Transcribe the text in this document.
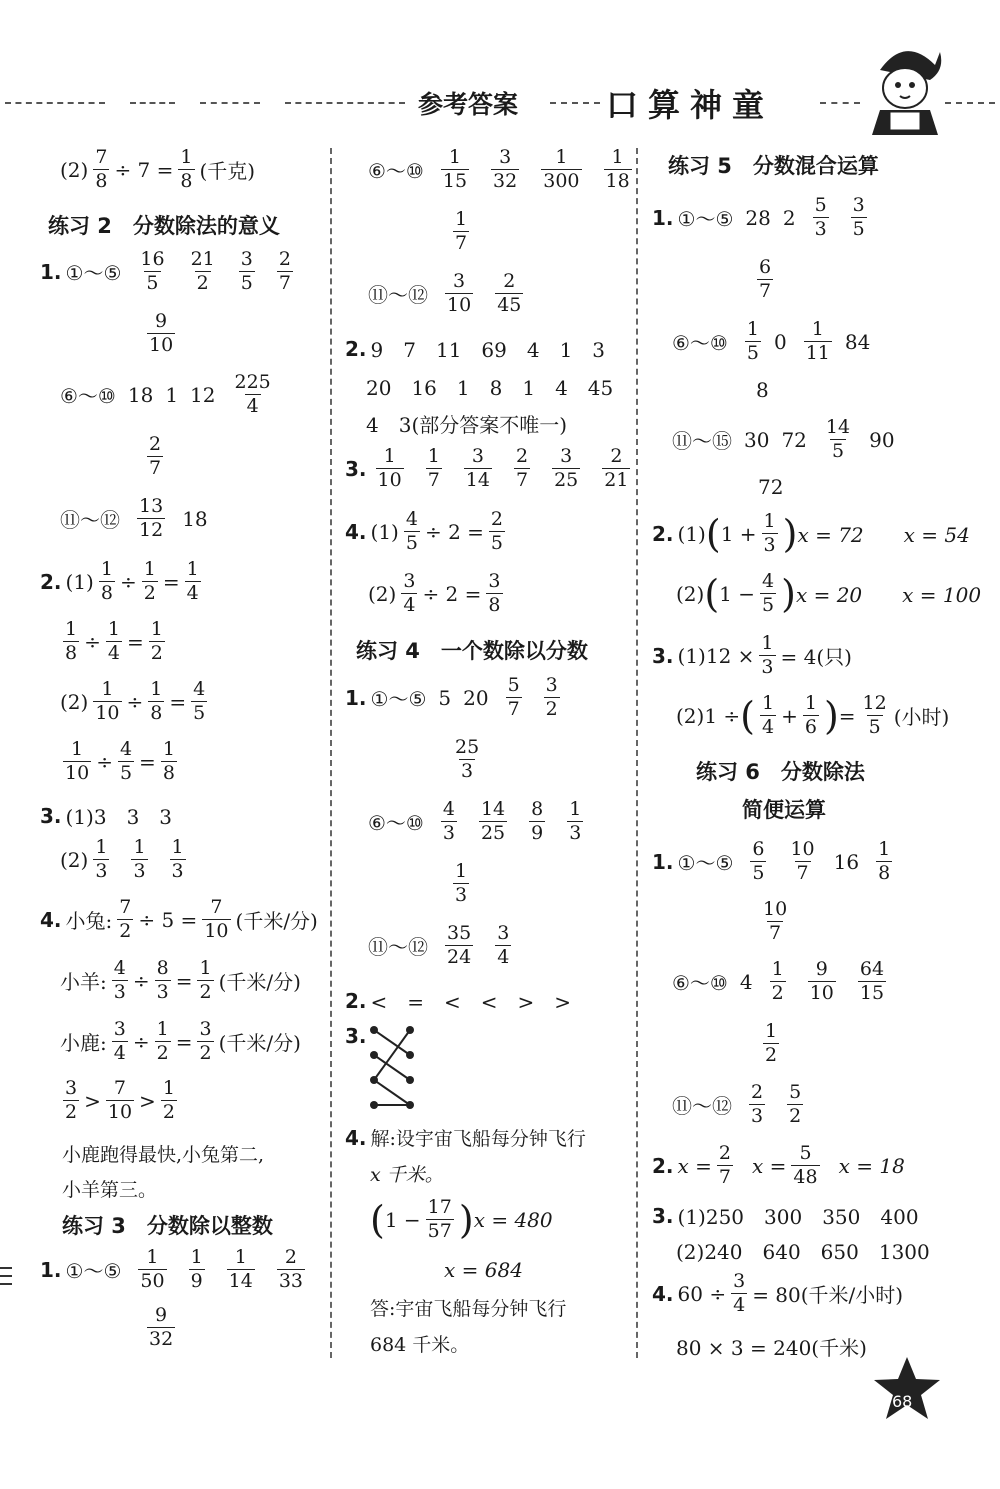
参考答案	口算神童
$(2) \frac{7}{8} \div 7 = \frac{1}{8}$ (千克)
练习 2　分数除法的意义
1. ①～⑤ $\frac{16}{5} \frac{21}{2} \frac{3}{5} \frac{2}{7}$
$\frac{9}{10}$
⑥～⑩ 18 1 $12 \frac{225}{4}$
$\frac{2}{7}$
⑪～⑫ $\frac{13}{12} 18$
2. $(1) \frac{1}{8} \div \frac{1}{2} = \frac{1}{4}$
$\frac{1}{8} \div \frac{1}{4} = \frac{1}{2}$
$(2) \frac{1}{10} \div \frac{1}{8} = \frac{4}{5}$
$\frac{1}{10} \div \frac{4}{5} = \frac{1}{8}$
3. (1)3　3　3
$(2) \frac{1}{3} \frac{1}{3} \frac{1}{3}$
4. 小兔: $\frac{7}{2} \div 5 = \frac{7}{10}$ (千米/分)
小羊: $\frac{4}{3} \div \frac{8}{3} = \frac{1}{2}$ (千米/分)
小鹿: $\frac{3}{4} \div \frac{1}{2} = \frac{3}{2}$ (千米/分)
$\frac{3}{2} > \frac{7}{10} > \frac{1}{2}$
小鹿跑得最快,小兔第二,
小羊第三。
练习 3　分数除以整数
1. ①～⑤ $\frac{1}{50} \frac{1}{9} \frac{1}{14} \frac{2}{33}$
$\frac{9}{32}$
⑥～⑩ $\frac{1}{15} \frac{3}{32} \frac{1}{300} \frac{1}{18}$
$\frac{1}{7}$
⑪～⑫ $\frac{3}{10} \frac{2}{45}$
2. 9　7　11　69　4　1　3
20　16　1　8　1　4　45
4　3(部分答案不唯一)
3. $\frac{1}{10} \frac{1}{7} \frac{3}{14} \frac{2}{7} \frac{3}{25} \frac{2}{21}$
4. $(1) \frac{4}{5} \div 2 = \frac{2}{5}$
$(2) \frac{3}{4} \div 2 = \frac{3}{8}$
练习 4　一个数除以分数
1. ①～⑤ 5 $20 \frac{5}{7} \frac{3}{2}$
$\frac{25}{3}$
⑥～⑩ $\frac{4}{3} \frac{14}{25} \frac{8}{9} \frac{1}{3}$
$\frac{1}{3}$
⑪～⑫ $\frac{35}{24} \frac{3}{4}$
2. <　=　<　<　>　>
3.
4. 解:设宇宙飞船每分钟飞行
x 千米。
( $1 - \frac{17}{57}$ ) x = 480
x = 684
答:宇宙飞船每分钟飞行
684 千米。
练习 5　分数混合运算
1. ①～⑤ 28 $2 \frac{5}{3} \frac{3}{5}$
$\frac{6}{7}$
⑥～⑩ $\frac{1}{5} 0 \frac{1}{11} 84$
8
⑪～⑮ 30 $72 \frac{14}{5} 90$
72
2. (1) ( $1 + \frac{1}{3}$ ) x = 72　　x = 54
(2) ( $1 - \frac{4}{5}$ ) x = 20　　x = 100
3. $(1)12 \times \frac{1}{3} = 4$(只)
(2)1 ÷ ( $\frac{1}{4} + \frac{1}{6}$ ) = $\frac{12}{5}$ (小时)
练习 6　分数除法
简便运算
1. ①～⑤ $\frac{6}{5} \frac{10}{7} 16 \frac{1}{8}$
$\frac{10}{7}$
⑥～⑩ $4 \frac{1}{2} \frac{9}{10} \frac{64}{15}$
$\frac{1}{2}$
⑪～⑫ $\frac{2}{3} \frac{5}{2}$
2. $x = \frac{2}{7}$ $x = \frac{5}{48}$ x = 18
3. (1)250　300　350　400
(2)240　640　650　1300
4. $60 \div \frac{3}{4} = 80$(千米/小时)
80 × 3 = 240(千米)
68
